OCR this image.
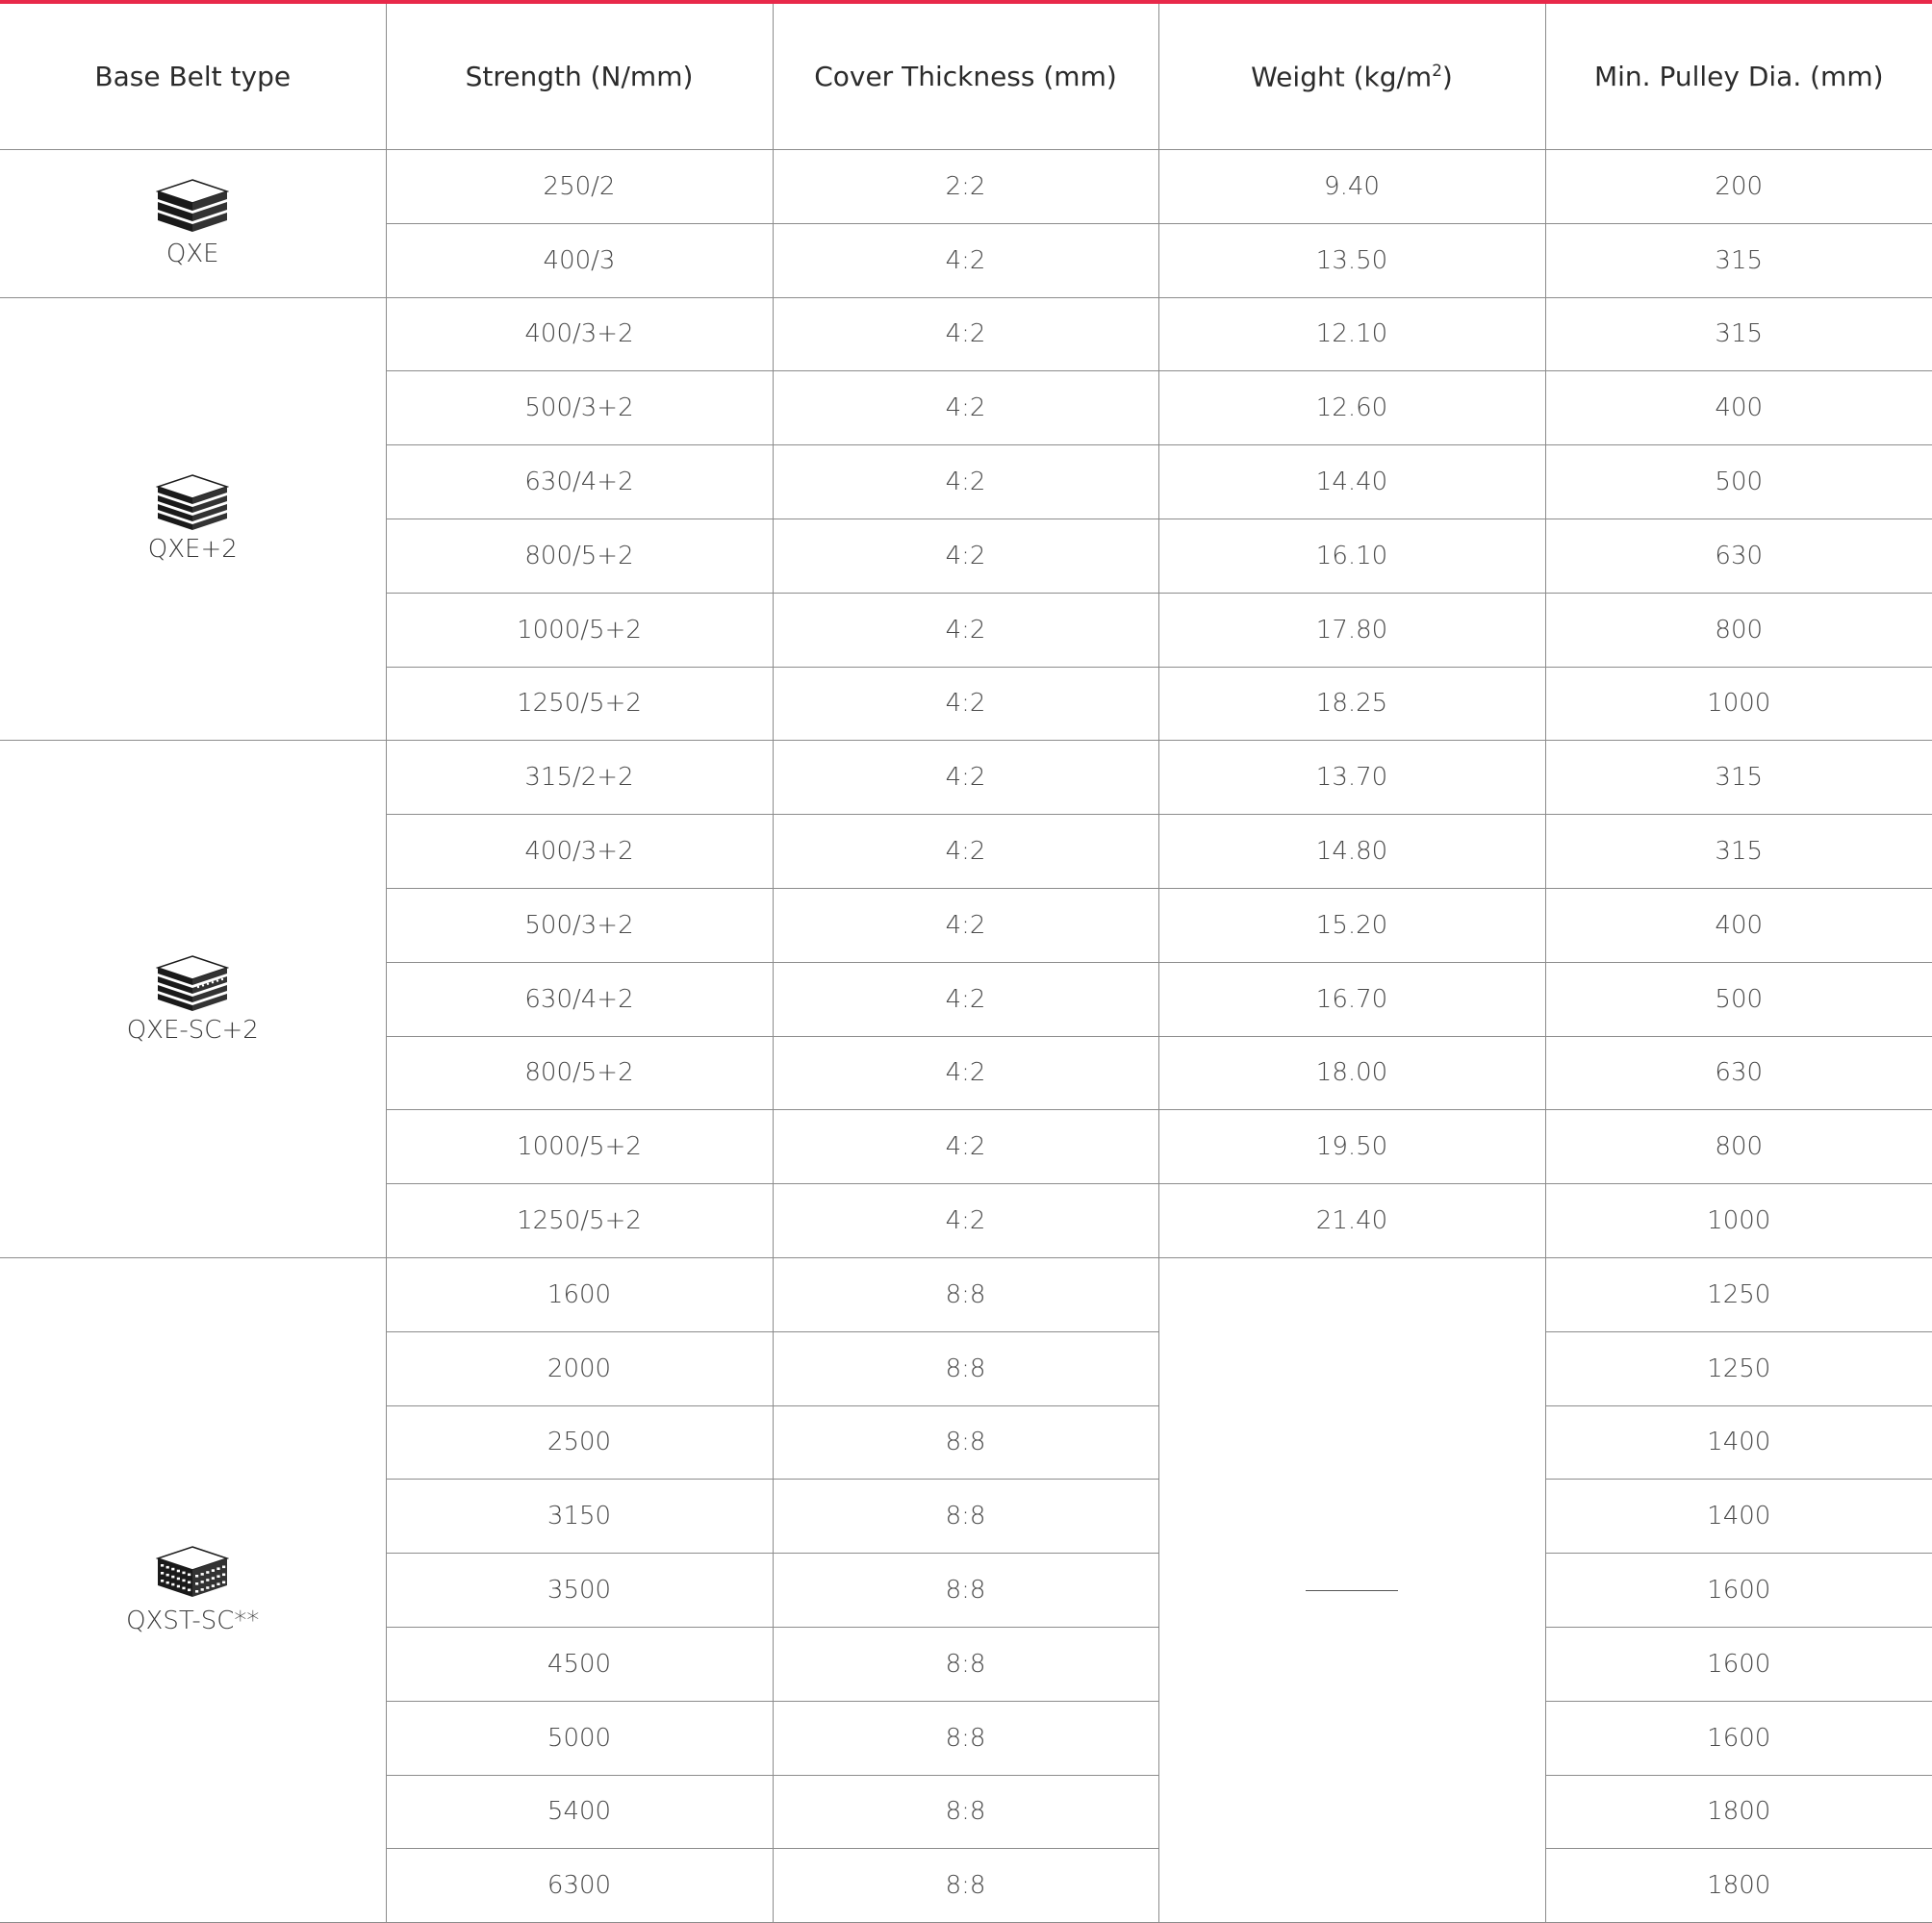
Base Belt type	Strength (N/mm)	Cover Thickness (mm)	Weight $(kg/m^2)$	Min. Pulley Dia. (mm)

QXE	250/2	2:2	9.40	200
	400/3	4:2	13.50	315

QXE+2	400/3+2	4:2	12.10	315
	500/3+2	4:2	12.60	400
	630/4+2	4:2	14.40	500
	800/5+2	4:2	16.10	630
	1000/5+2	4:2	17.80	800
	1250/5+2	4:2	18.25	1000

QXE-SC+2	315/2+2	4:2	13.70	315
	400/3+2	4:2	14.80	315
	500/3+2	4:2	15.20	400
	630/4+2	4:2	16.70	500
	800/5+2	4:2	18.00	630
	1000/5+2	4:2	19.50	800
	1250/5+2	4:2	21.40	1000

QXST-SC**	1600	8:8		1250
	2000	8:8		1250
	2500	8:8		1400
	3150	8:8		1400
	3500	8:8		1600
	4500	8:8		1600
	5000	8:8		1600
	5400	8:8		1800
	6300	8:8		1800
